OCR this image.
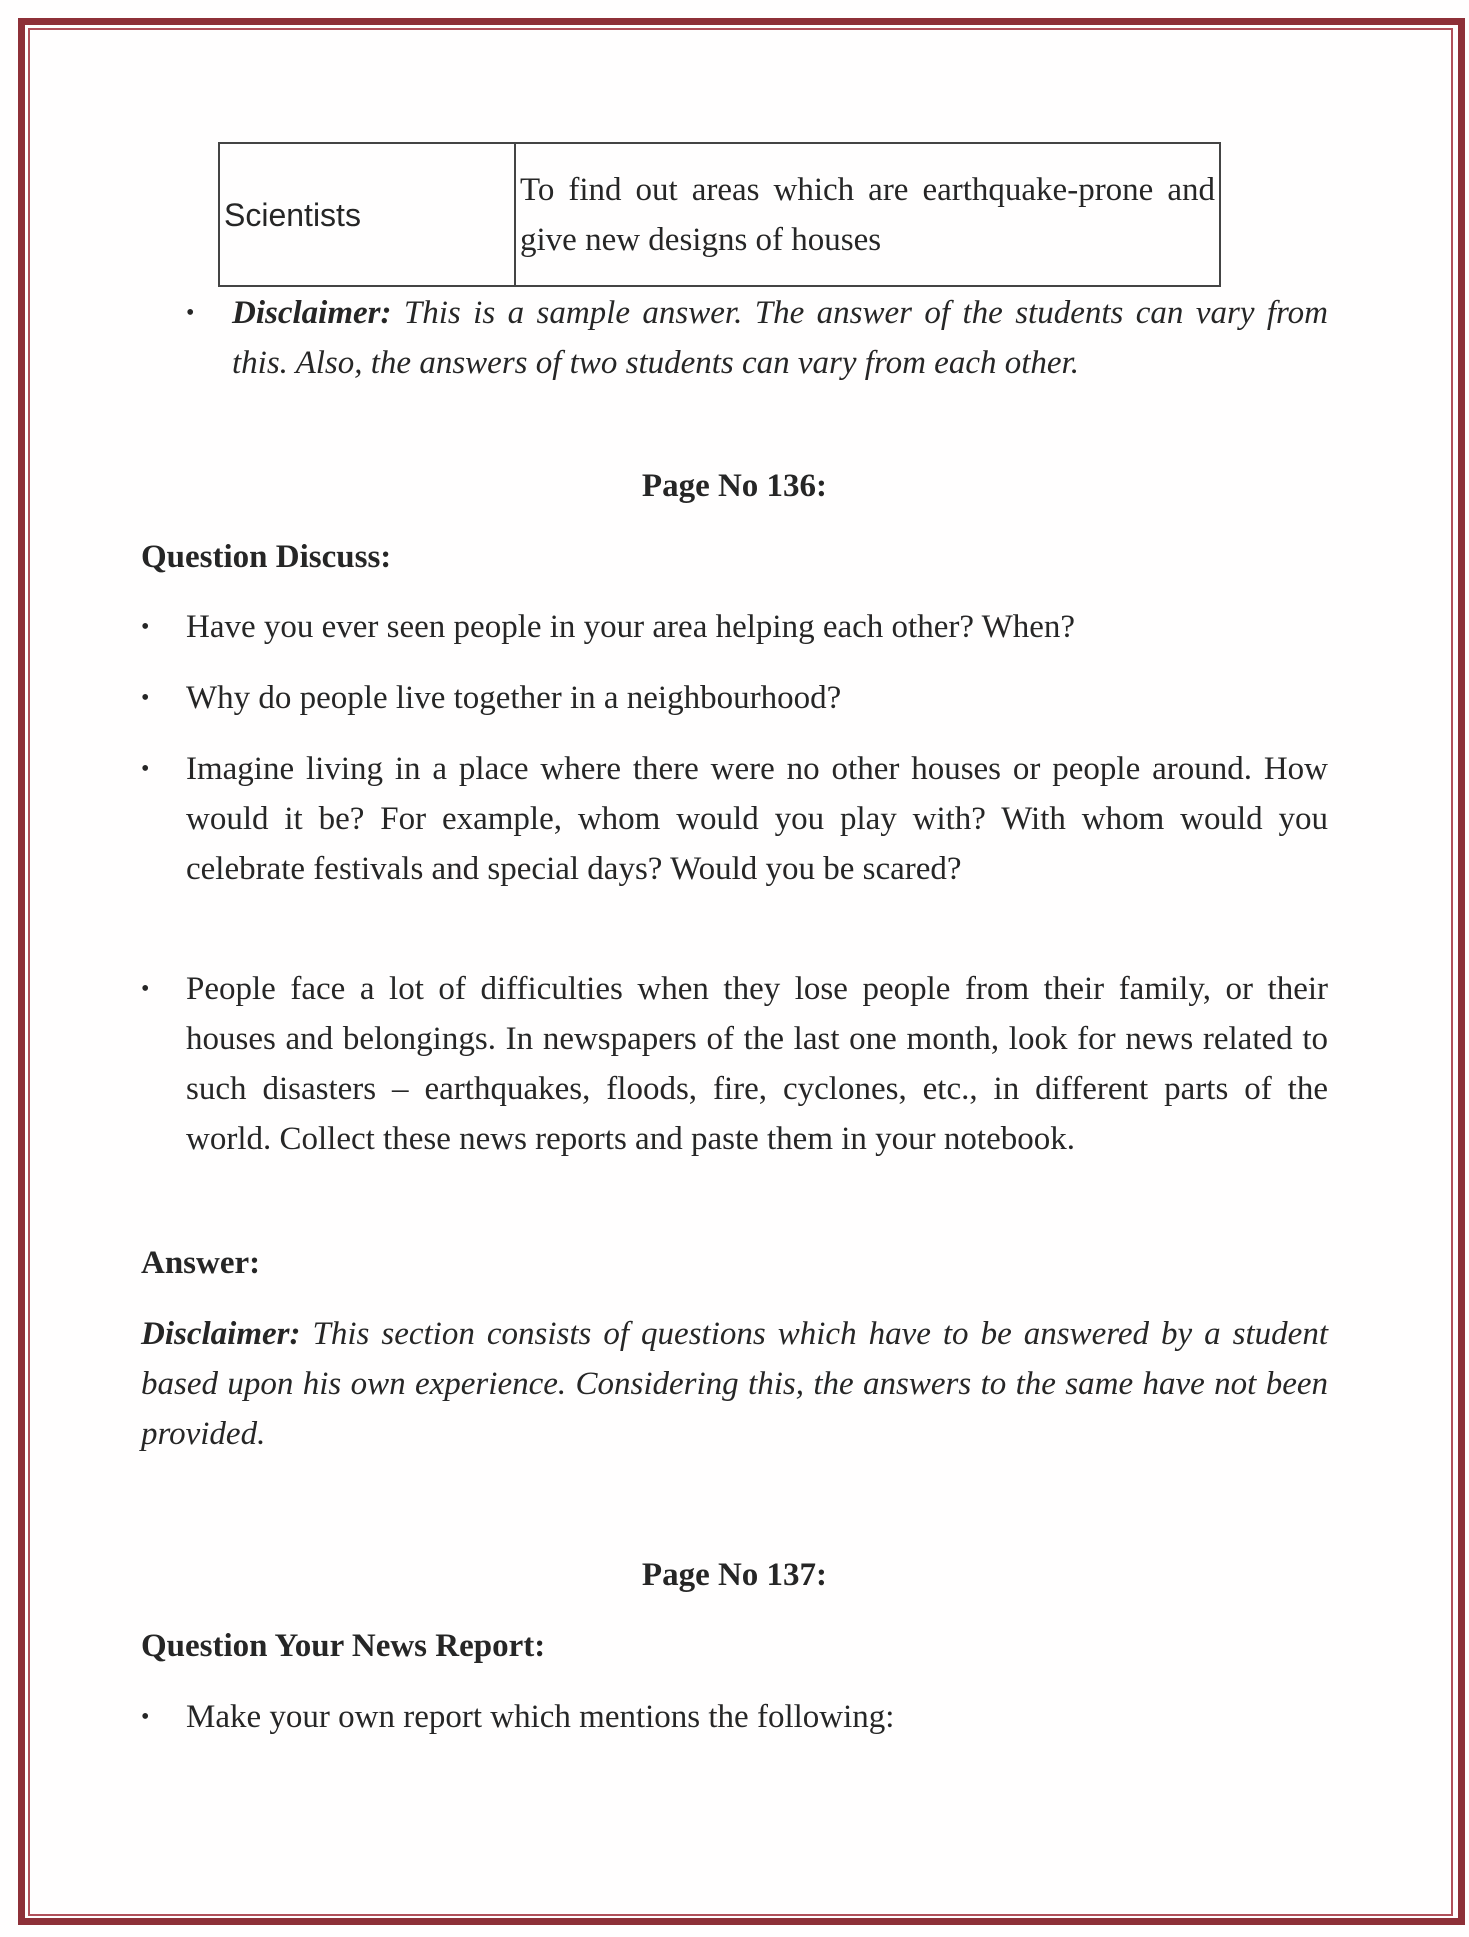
Scientists	To find out areas which are earthquake-prone and give new designs of houses
• Disclaimer: This is a sample answer. The answer of the students can vary from this. Also, the answers of two students can vary from each other.

Page No 136:

Question Discuss:

• Have you ever seen people in your area helping each other? When?

• Why do people live together in a neighbourhood?

• Imagine living in a place where there were no other houses or people around. How would it be? For example, whom would you play with? With whom would you celebrate festivals and special days? Would you be scared?

• People face a lot of difficulties when they lose people from their family, or their houses and belongings. In newspapers of the last one month, look for news related to such disasters – earthquakes, floods, fire, cyclones, etc., in different parts of the world. Collect these news reports and paste them in your notebook.

Answer:

Disclaimer: This section consists of questions which have to be answered by a student based upon his own experience. Considering this, the answers to the same have not been provided.

Page No 137:

Question Your News Report:

• Make your own report which mentions the following:
